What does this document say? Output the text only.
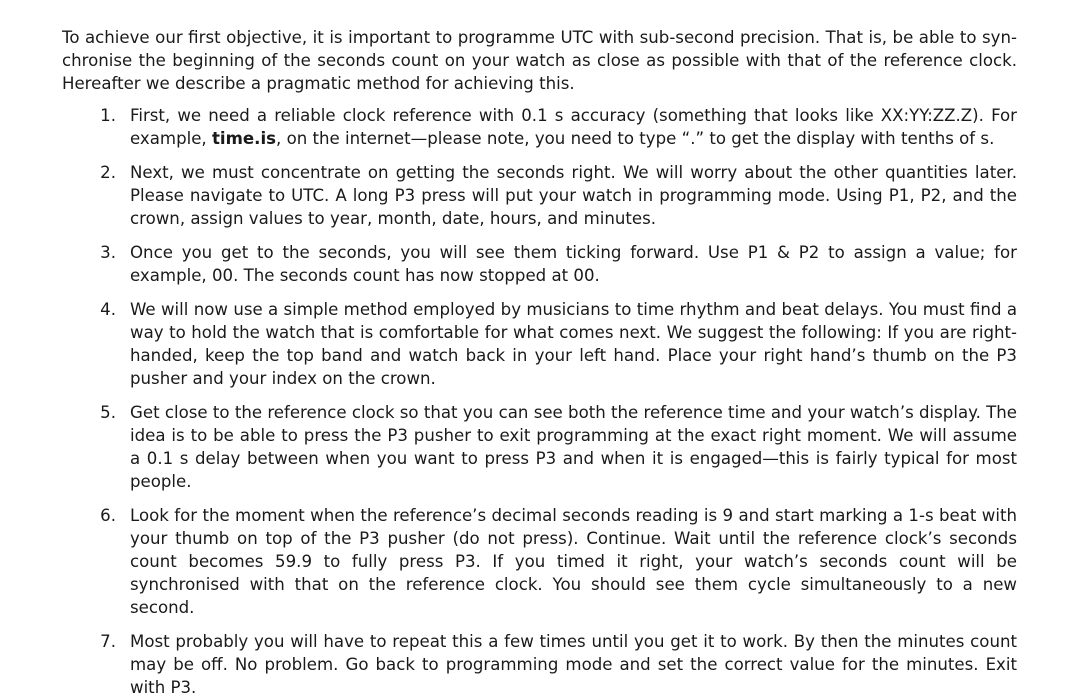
To achieve our first objective, it is important to programme UTC with sub-second precision. That is, be able to syn-chronise the beginning of the seconds count on your watch as close as possible with that of the reference clock. Hereafter we describe a pragmatic method for achieving this.

1. First, we need a reliable clock reference with 0.1 s accuracy (something that looks like XX:YY:ZZ.Z). For example, time.is, on the internet—please note, you need to type “.” to get the display with tenths of s.
2. Next, we must concentrate on getting the seconds right. We will worry about the other quantities later. Please navigate to UTC. A long P3 press will put your watch in programming mode. Using P1, P2, and the crown, assign values to year, month, date, hours, and minutes.
3. Once you get to the seconds, you will see them ticking forward. Use P1 & P2 to assign a value; for example, 00. The seconds count has now stopped at 00.
4. We will now use a simple method employed by musicians to time rhythm and beat delays. You must find a way to hold the watch that is comfortable for what comes next. We suggest the following: If you are right-handed, keep the top band and watch back in your left hand. Place your right hand’s thumb on the P3 pusher and your index on the crown.
5. Get close to the reference clock so that you can see both the reference time and your watch’s display. The idea is to be able to press the P3 pusher to exit programming at the exact right moment. We will assume a 0.1 s delay between when you want to press P3 and when it is engaged—this is fairly typical for most people.
6. Look for the moment when the reference’s decimal seconds reading is 9 and start marking a 1-s beat with your thumb on top of the P3 pusher (do not press). Continue. Wait until the reference clock’s seconds count becomes 59.9 to fully press P3. If you timed it right, your watch’s seconds count will be synchronised with that on the reference clock. You should see them cycle simultaneously to a new second.
7. Most probably you will have to repeat this a few times until you get it to work. By then the minutes count may be off. No problem. Go back to programming mode and set the correct value for the minutes. Exit with P3.
